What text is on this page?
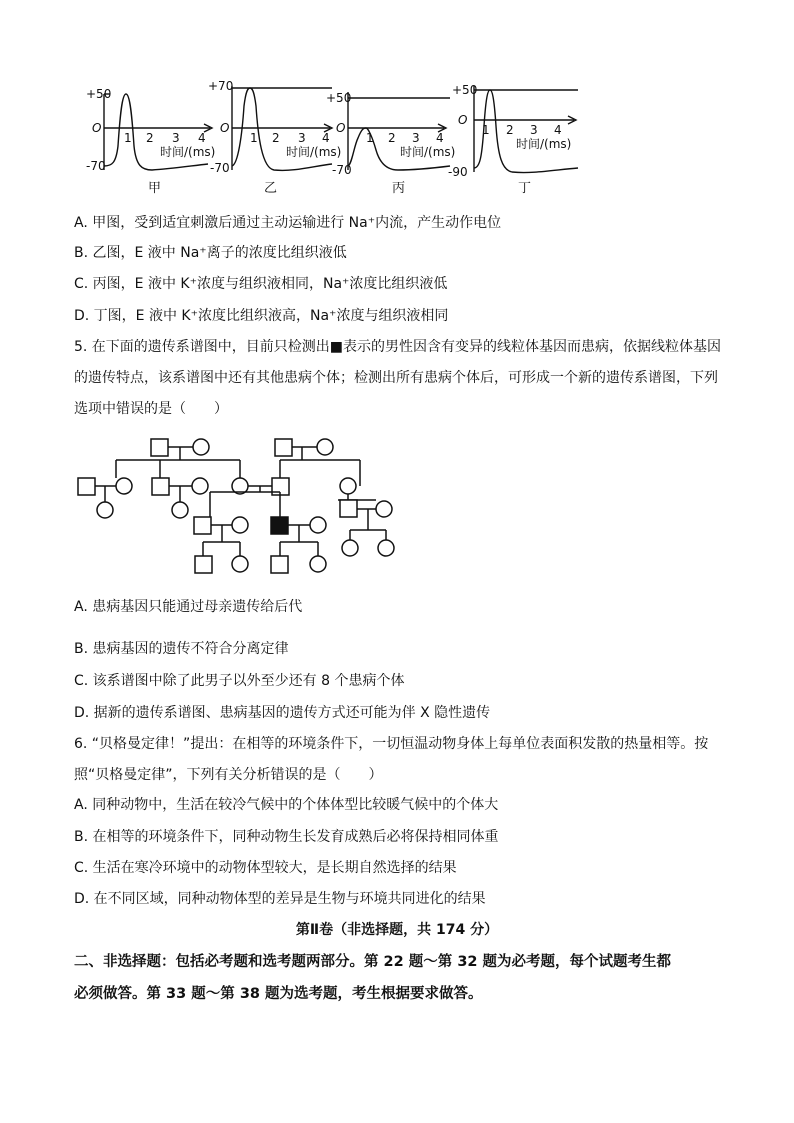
+50
O
-70
1 2 3 4
时间/(ms)
甲
+70
O
-70
1 2 3 4
时间/(ms)
乙
+50
O
-70
1 2 3 4
时间/(ms)
丙
+50
O
-90
1 2 3 4
时间/(ms)
丁
A. 甲图，受到适宜刺激后通过主动运输进行 Na⁺内流，产生动作电位
B. 乙图，E 液中 Na⁺离子的浓度比组织液低
C. 丙图，E 液中 K⁺浓度与组织液相同，Na⁺浓度比组织液低
D. 丁图，E 液中 K⁺浓度比组织液高，Na⁺浓度与组织液相同
5. 在下面的遗传系谱图中，目前只检测出■表示的男性因含有变异的线粒体基因而患病，依据线粒体基因
的遗传特点，该系谱图中还有其他患病个体；检测出所有患病个体后，可形成一个新的遗传系谱图，下列
选项中错误的是（　　）
A. 患病基因只能通过母亲遗传给后代
B. 患病基因的遗传不符合分离定律
C. 该系谱图中除了此男子以外至少还有 8 个患病个体
D. 据新的遗传系谱图、患病基因的遗传方式还可能为伴 X 隐性遗传
6. “贝格曼定律！”提出：在相等的环境条件下，一切恒温动物身体上每单位表面积发散的热量相等。按
照“贝格曼定律”，下列有关分析错误的是（　　）
A. 同种动物中，生活在较冷气候中的个体体型比较暖气候中的个体大
B. 在相等的环境条件下，同种动物生长发育成熟后必将保持相同体重
C. 生活在寒冷环境中的动物体型较大，是长期自然选择的结果
D. 在不同区域，同种动物体型的差异是生物与环境共同进化的结果
第Ⅱ卷（非选择题，共 174 分）
二、非选择题：包括必考题和选考题两部分。第 22 题～第 32 题为必考题，每个试题考生都
必须做答。第 33 题～第 38 题为选考题，考生根据要求做答。
